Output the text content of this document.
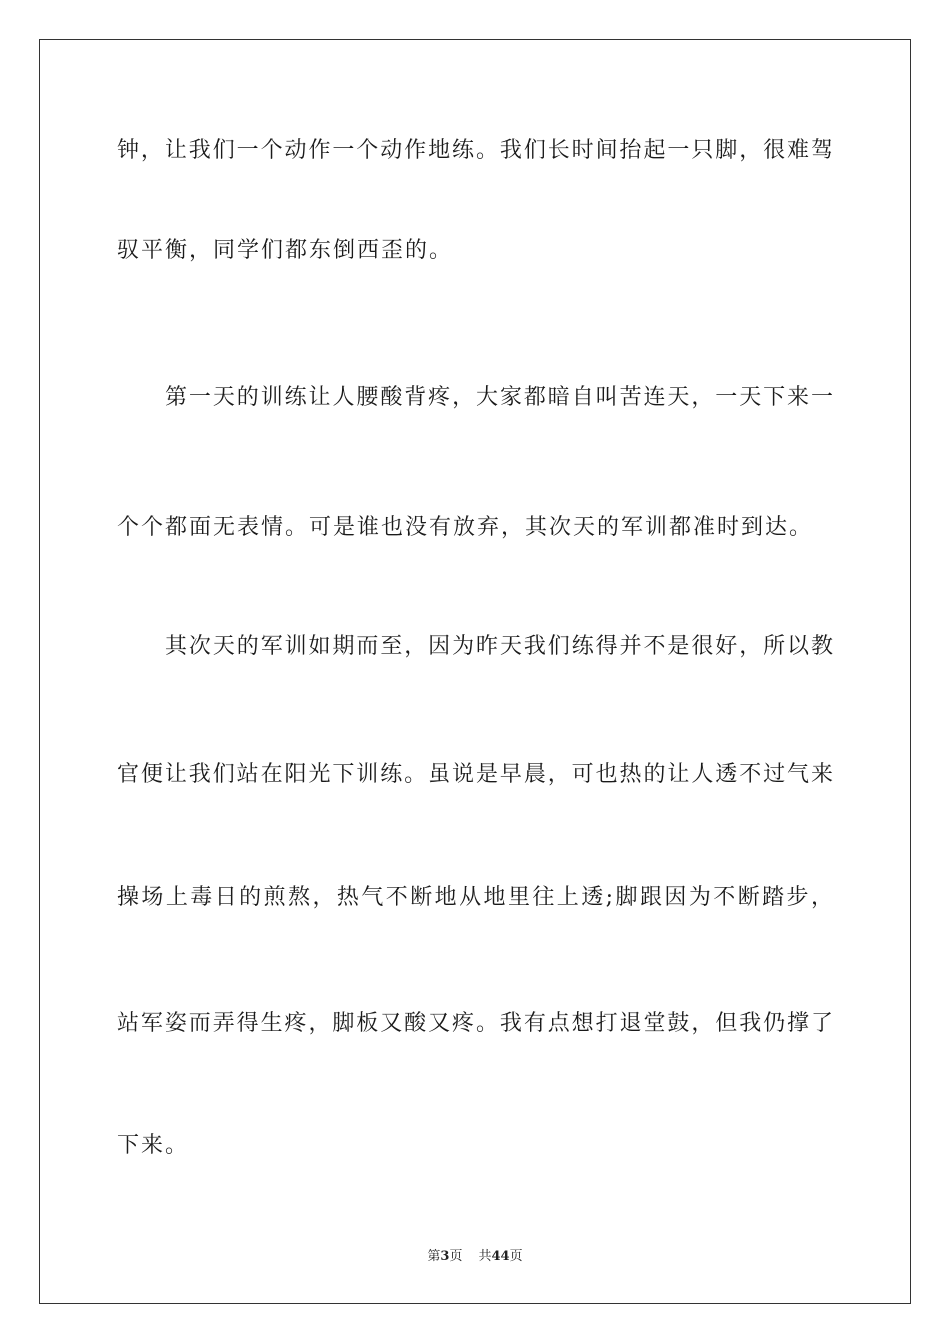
钟，让我们一个动作一个动作地练。我们长时间抬起一只脚，很难驾
驭平衡，同学们都东倒西歪的。
第一天的训练让人腰酸背疼，大家都暗自叫苦连天，一天下来一
个个都面无表情。可是谁也没有放弃，其次天的军训都准时到达。
其次天的军训如期而至，因为昨天我们练得并不是很好，所以教
官便让我们站在阳光下训练。虽说是早晨，可也热的让人透不过气来
操场上毒日的煎熬，热气不断地从地里往上透;脚跟因为不断踏步，
站军姿而弄得生疼，脚板又酸又疼。我有点想打退堂鼓，但我仍撑了
下来。
第3页 共44页
